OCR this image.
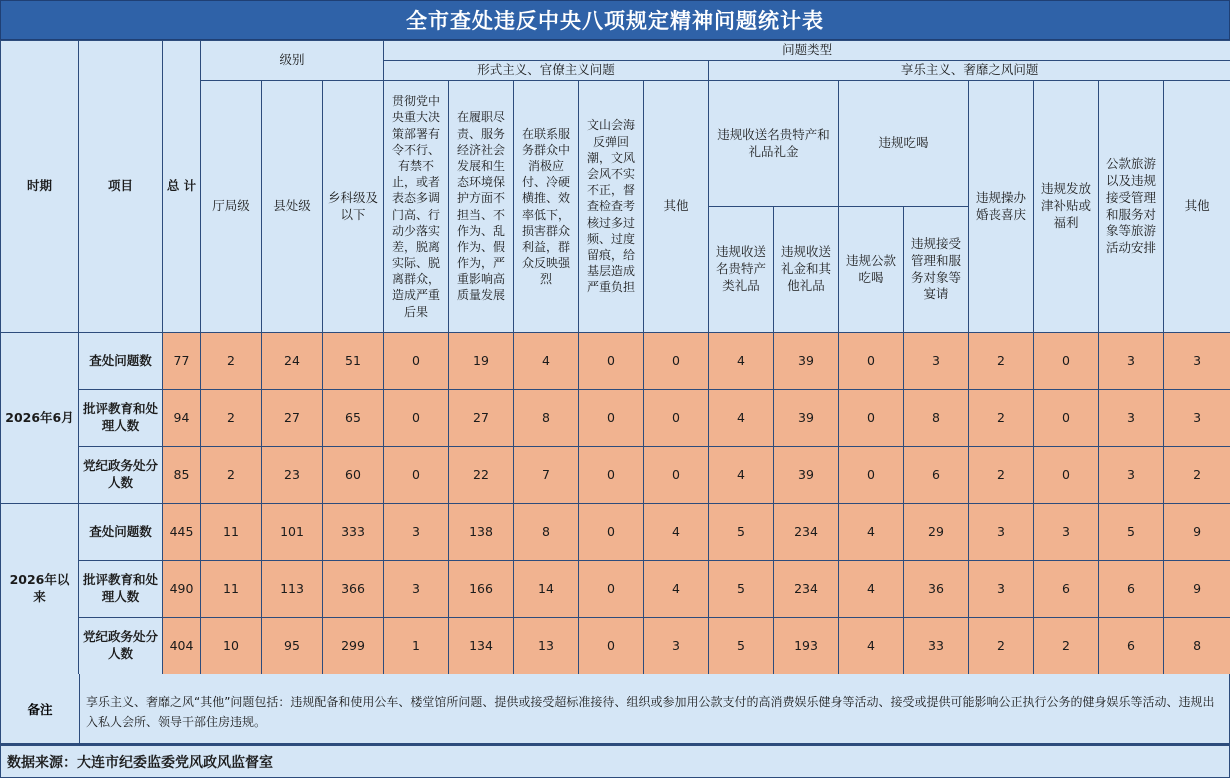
全市查处违反中央八项规定精神问题统计表
时期	项目	总 计	级别			问题类型												
						形式主义、官僚主义问题					享乐主义、奢靡之风问题							
			厅局级	县处级	乡科级及以下	贯彻党中央重大决策部署有令不行、有禁不止，或者表态多调门高、行动少落实差，脱离实际、脱离群众，造成严重后果	在履职尽责、服务经济社会发展和生态环境保护方面不担当、不作为、乱作为、假作为，严重影响高质量发展	在联系服务群众中消极应付、冷硬横推、效率低下，损害群众利益，群众反映强烈	文山会海反弹回潮，文风会风不实不正，督查检查考核过多过频、过度留痕，给基层造成严重负担	其他	违规收送名贵特产和礼品礼金		违规吃喝		违规操办婚丧喜庆	违规发放津补贴或福利	公款旅游以及违规接受管理和服务对象等旅游活动安排	其他
											违规收送名贵特产类礼品	违规收送礼金和其他礼品	违规公款吃喝	违规接受管理和服务对象等宴请				
2026年6月	查处问题数	77	2	24	51	0	19	4	0	0	4	39	0	3	2	0	3	3
	批评教育和处理人数	94	2	27	65	0	27	8	0	0	4	39	0	8	2	0	3	3
	党纪政务处分人数	85	2	23	60	0	22	7	0	0	4	39	0	6	2	0	3	2
2026年以来	查处问题数	445	11	101	333	3	138	8	0	4	5	234	4	29	3	3	5	9
	批评教育和处理人数	490	11	113	366	3	166	14	0	4	5	234	4	36	3	6	6	9
	党纪政务处分人数	404	10	95	299	1	134	13	0	3	5	193	4	33	2	2	6	8
备注	享乐主义、奢靡之风“其他”问题包括：违规配备和使用公车、楼堂馆所问题、提供或接受超标准接待、组织或参加用公款支付的高消费娱乐健身等活动、接受或提供可能影响公正执行公务的健身娱乐等活动、违规出入私人会所、领导干部住房违规。
数据来源：大连市纪委监委党风政风监督室
